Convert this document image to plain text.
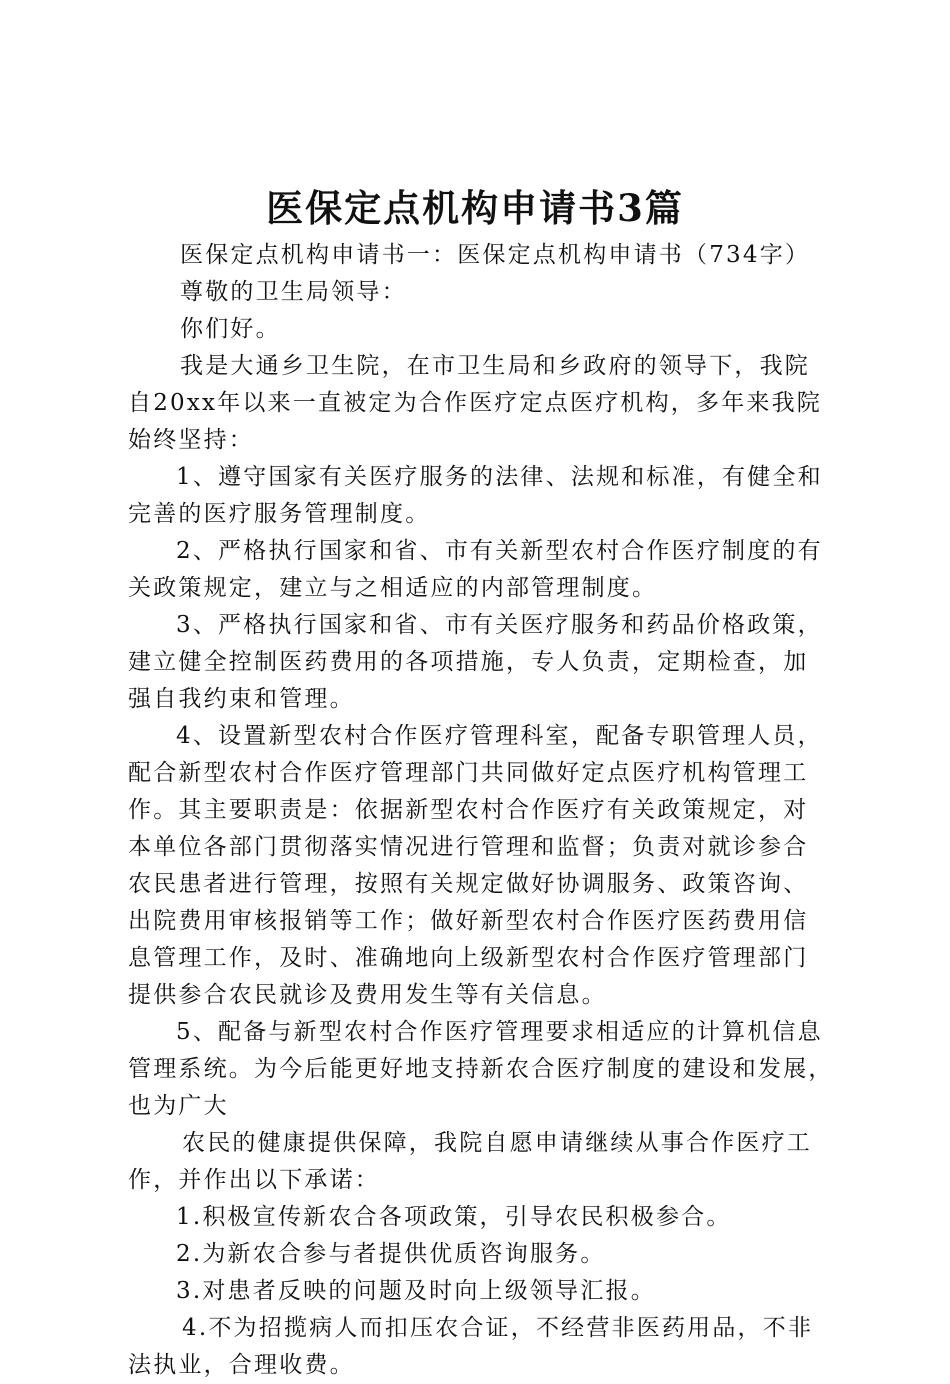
医保定点机构申请书3篇
医保定点机构申请书一：医保定点机构申请书（734字）
尊敬的卫生局领导：
你们好。
我是大通乡卫生院，在市卫生局和乡政府的领导下，我院
自20xx年以来一直被定为合作医疗定点医疗机构，多年来我院
始终坚持：
1、遵守国家有关医疗服务的法律、法规和标准，有健全和
完善的医疗服务管理制度。
2、严格执行国家和省、市有关新型农村合作医疗制度的有
关政策规定，建立与之相适应的内部管理制度。
3、严格执行国家和省、市有关医疗服务和药品价格政策，
建立健全控制医药费用的各项措施，专人负责，定期检查，加
强自我约束和管理。
4、设置新型农村合作医疗管理科室，配备专职管理人员，
配合新型农村合作医疗管理部门共同做好定点医疗机构管理工
作。其主要职责是：依据新型农村合作医疗有关政策规定，对
本单位各部门贯彻落实情况进行管理和监督；负责对就诊参合
农民患者进行管理，按照有关规定做好协调服务、政策咨询、
出院费用审核报销等工作；做好新型农村合作医疗医药费用信
息管理工作，及时、准确地向上级新型农村合作医疗管理部门
提供参合农民就诊及费用发生等有关信息。
5、配备与新型农村合作医疗管理要求相适应的计算机信息
管理系统。为今后能更好地支持新农合医疗制度的建设和发展，
也为广大
农民的健康提供保障，我院自愿申请继续从事合作医疗工
作，并作出以下承诺：
1.积极宣传新农合各项政策，引导农民积极参合。
2.为新农合参与者提供优质咨询服务。
3.对患者反映的问题及时向上级领导汇报。
4.不为招揽病人而扣压农合证，不经营非医药用品，不非
法执业，合理收费。
